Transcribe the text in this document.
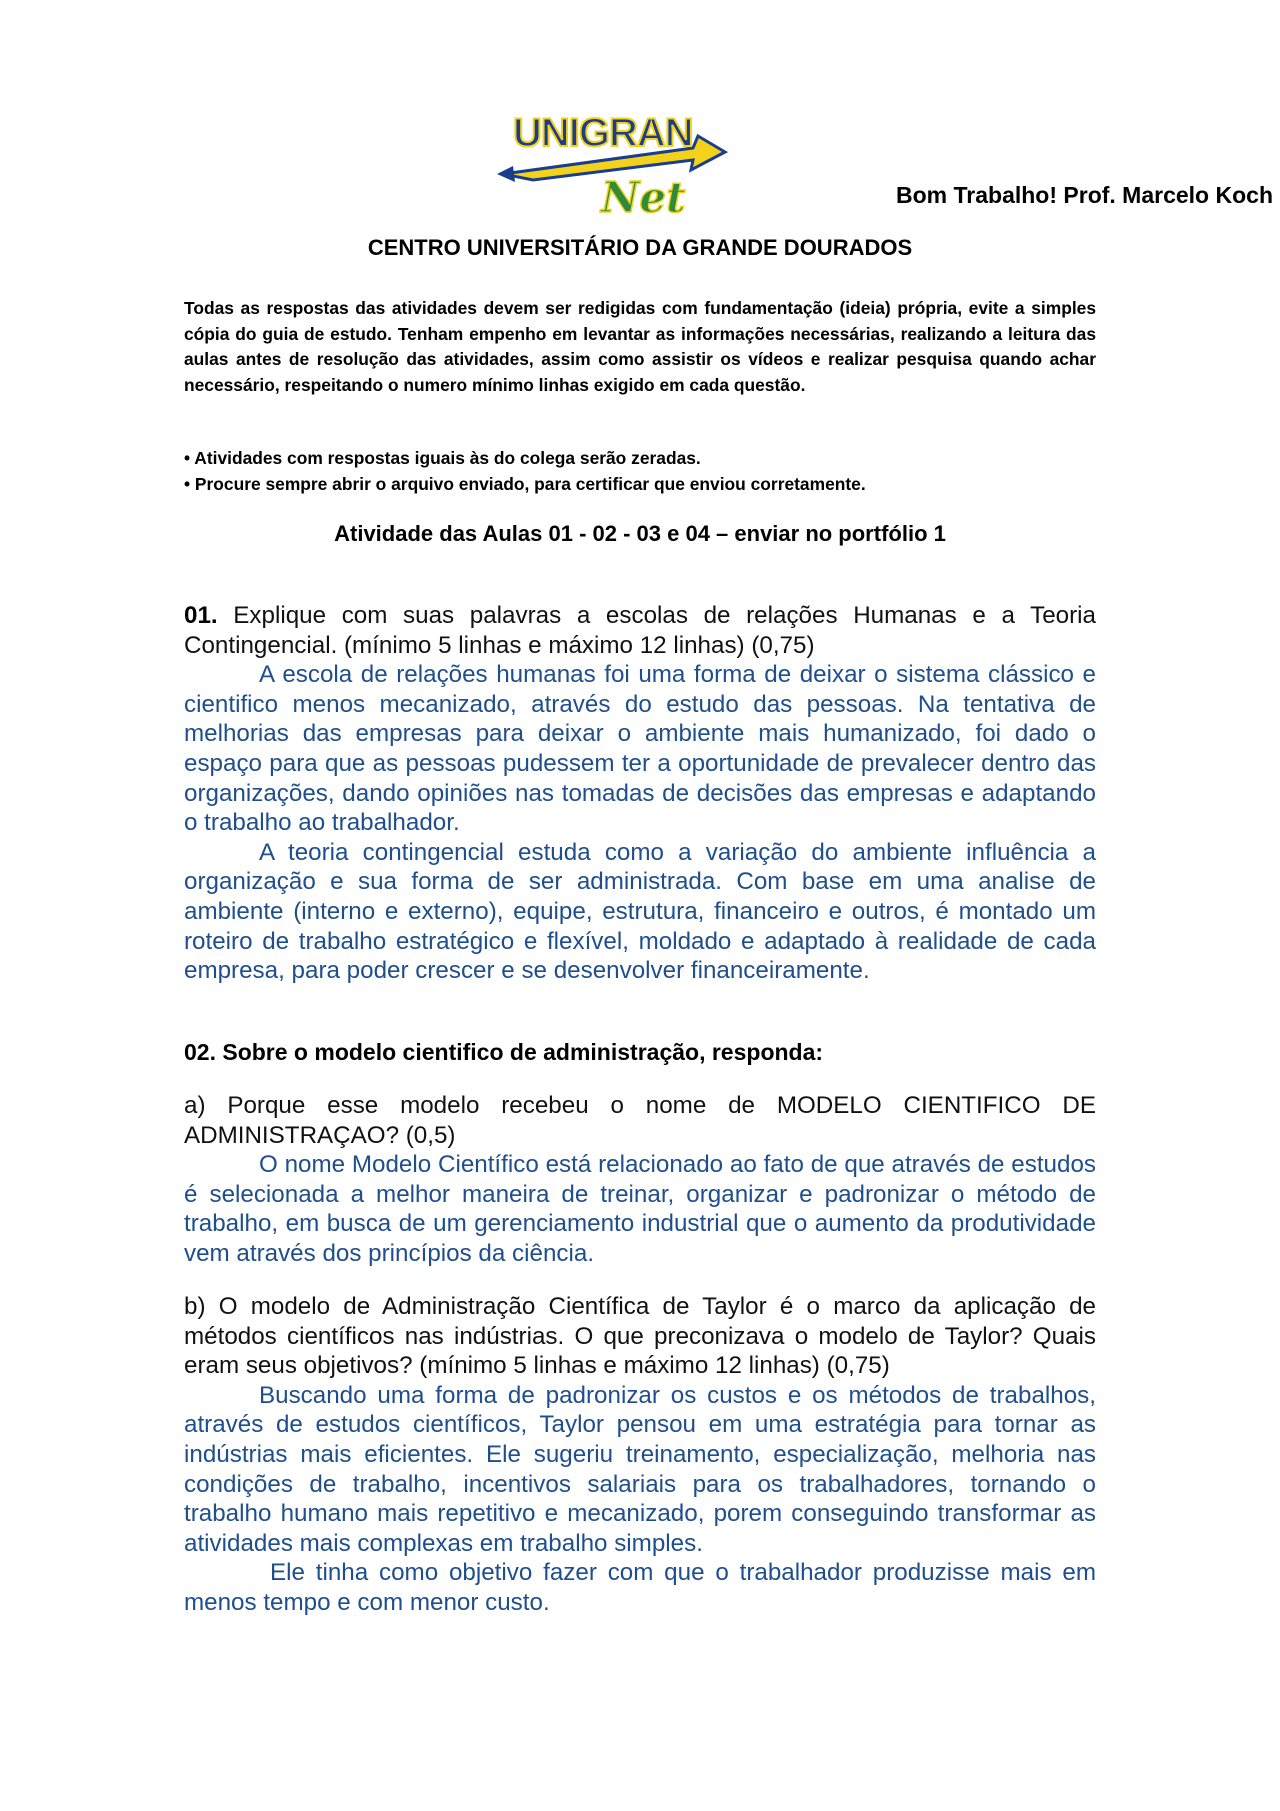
UNIGRAN
Net	Bom Trabalho! Prof. Marcelo Koch
CENTRO UNIVERSITÁRIO DA GRANDE DOURADOS
Todas as respostas das atividades devem ser redigidas com fundamentação (ideia) própria, evite a simples cópia do guia de estudo. Tenham empenho em levantar as informações necessárias, realizando a leitura das aulas antes de resolução das atividades, assim como assistir os vídeos e realizar pesquisa quando achar necessário, respeitando o numero mínimo linhas exigido em cada questão.
• Atividades com respostas iguais às do colega serão zeradas.
• Procure sempre abrir o arquivo enviado, para certificar que enviou corretamente.
Atividade das Aulas 01 - 02 - 03 e 04 – enviar no portfólio 1

01. Explique com suas palavras a escolas de relações Humanas e a Teoria Contingencial. (mínimo 5 linhas e máximo 12 linhas) (0,75)

A escola de relações humanas foi uma forma de deixar o sistema clássico e cientifico menos mecanizado, através do estudo das pessoas. Na tentativa de melhorias das empresas para deixar o ambiente mais humanizado, foi dado o espaço para que as pessoas pudessem ter a oportunidade de prevalecer dentro das organizações, dando opiniões nas tomadas de decisões das empresas e adaptando o trabalho ao trabalhador.

A teoria contingencial estuda como a variação do ambiente influência a organização e sua forma de ser administrada. Com base em uma analise de ambiente (interno e externo), equipe, estrutura, financeiro e outros, é montado um roteiro de trabalho estratégico e flexível, moldado e adaptado à realidade de cada empresa, para poder crescer e se desenvolver financeiramente.

02. Sobre o modelo cientifico de administração, responda:

a) Porque esse modelo recebeu o nome de MODELO CIENTIFICO DE ADMINISTRAÇAO? (0,5)

O nome Modelo Científico está relacionado ao fato de que através de estudos é selecionada a melhor maneira de treinar, organizar e padronizar o método de trabalho, em busca de um gerenciamento industrial que o aumento da produtividade vem através dos princípios da ciência.

b) O modelo de Administração Científica de Taylor é o marco da aplicação de métodos científicos nas indústrias. O que preconizava o modelo de Taylor? Quais eram seus objetivos? (mínimo 5 linhas e máximo 12 linhas) (0,75)

Buscando uma forma de padronizar os custos e os métodos de trabalhos, através de estudos científicos, Taylor pensou em uma estratégia para tornar as indústrias mais eficientes. Ele sugeriu treinamento, especialização, melhoria nas condições de trabalho, incentivos salariais para os trabalhadores, tornando o trabalho humano mais repetitivo e mecanizado, porem conseguindo transformar as atividades mais complexas em trabalho simples.

Ele tinha como objetivo fazer com que o trabalhador produzisse mais em menos tempo e com menor custo.
